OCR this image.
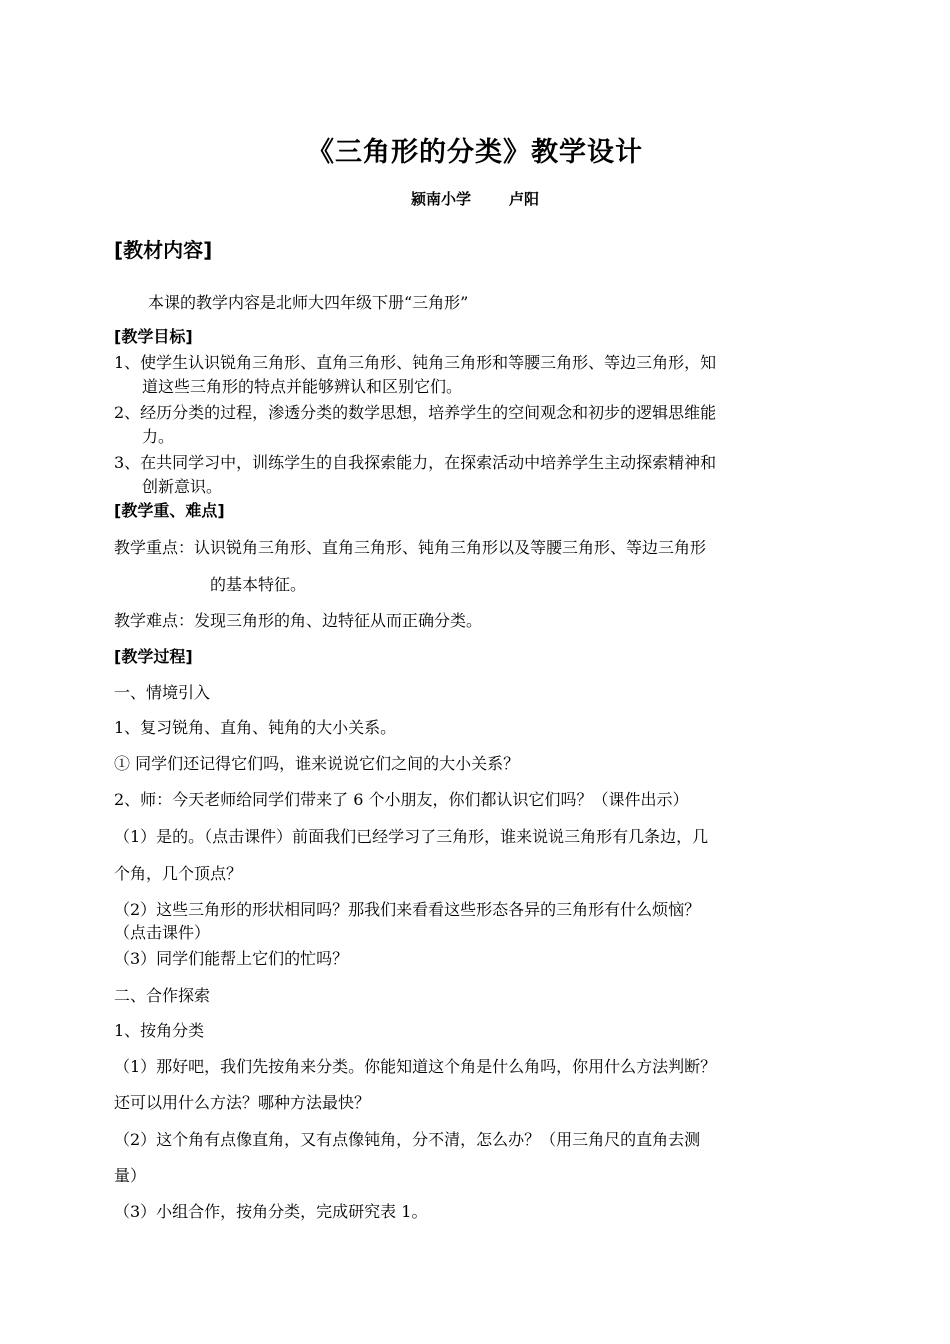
《三角形的分类》教学设计
颍南小学	卢阳
[教材内容]
本课的教学内容是北师大四年级下册“三角形”
[教学目标]
1、使学生认识锐角三角形、直角三角形、钝角三角形和等腰三角形、等边三角形，知
道这些三角形的特点并能够辨认和区别它们。
2、经历分类的过程，渗透分类的数学思想，培养学生的空间观念和初步的逻辑思维能
力。
3、在共同学习中，训练学生的自我探索能力，在探索活动中培养学生主动探索精神和
创新意识。
[教学重、难点]
教学重点：认识锐角三角形、直角三角形、钝角三角形以及等腰三角形、等边三角形
的基本特征。
教学难点：发现三角形的角、边特征从而正确分类。
[教学过程]
一、情境引入
1、复习锐角、直角、钝角的大小关系。
① 同学们还记得它们吗，谁来说说它们之间的大小关系？
2、师：今天老师给同学们带来了 6 个小朋友，你们都认识它们吗？（课件出示）
（1）是的。（点击课件）前面我们已经学习了三角形，谁来说说三角形有几条边，几
个角，几个顶点？
（2）这些三角形的形状相同吗？那我们来看看这些形态各异的三角形有什么烦恼？
（点击课件）
（3）同学们能帮上它们的忙吗？
二、合作探索
1、按角分类
（1）那好吧，我们先按角来分类。你能知道这个角是什么角吗，你用什么方法判断？
还可以用什么方法？哪种方法最快？
（2）这个角有点像直角，又有点像钝角，分不清，怎么办？（用三角尺的直角去测
量）
（3）小组合作，按角分类，完成研究表 1。
